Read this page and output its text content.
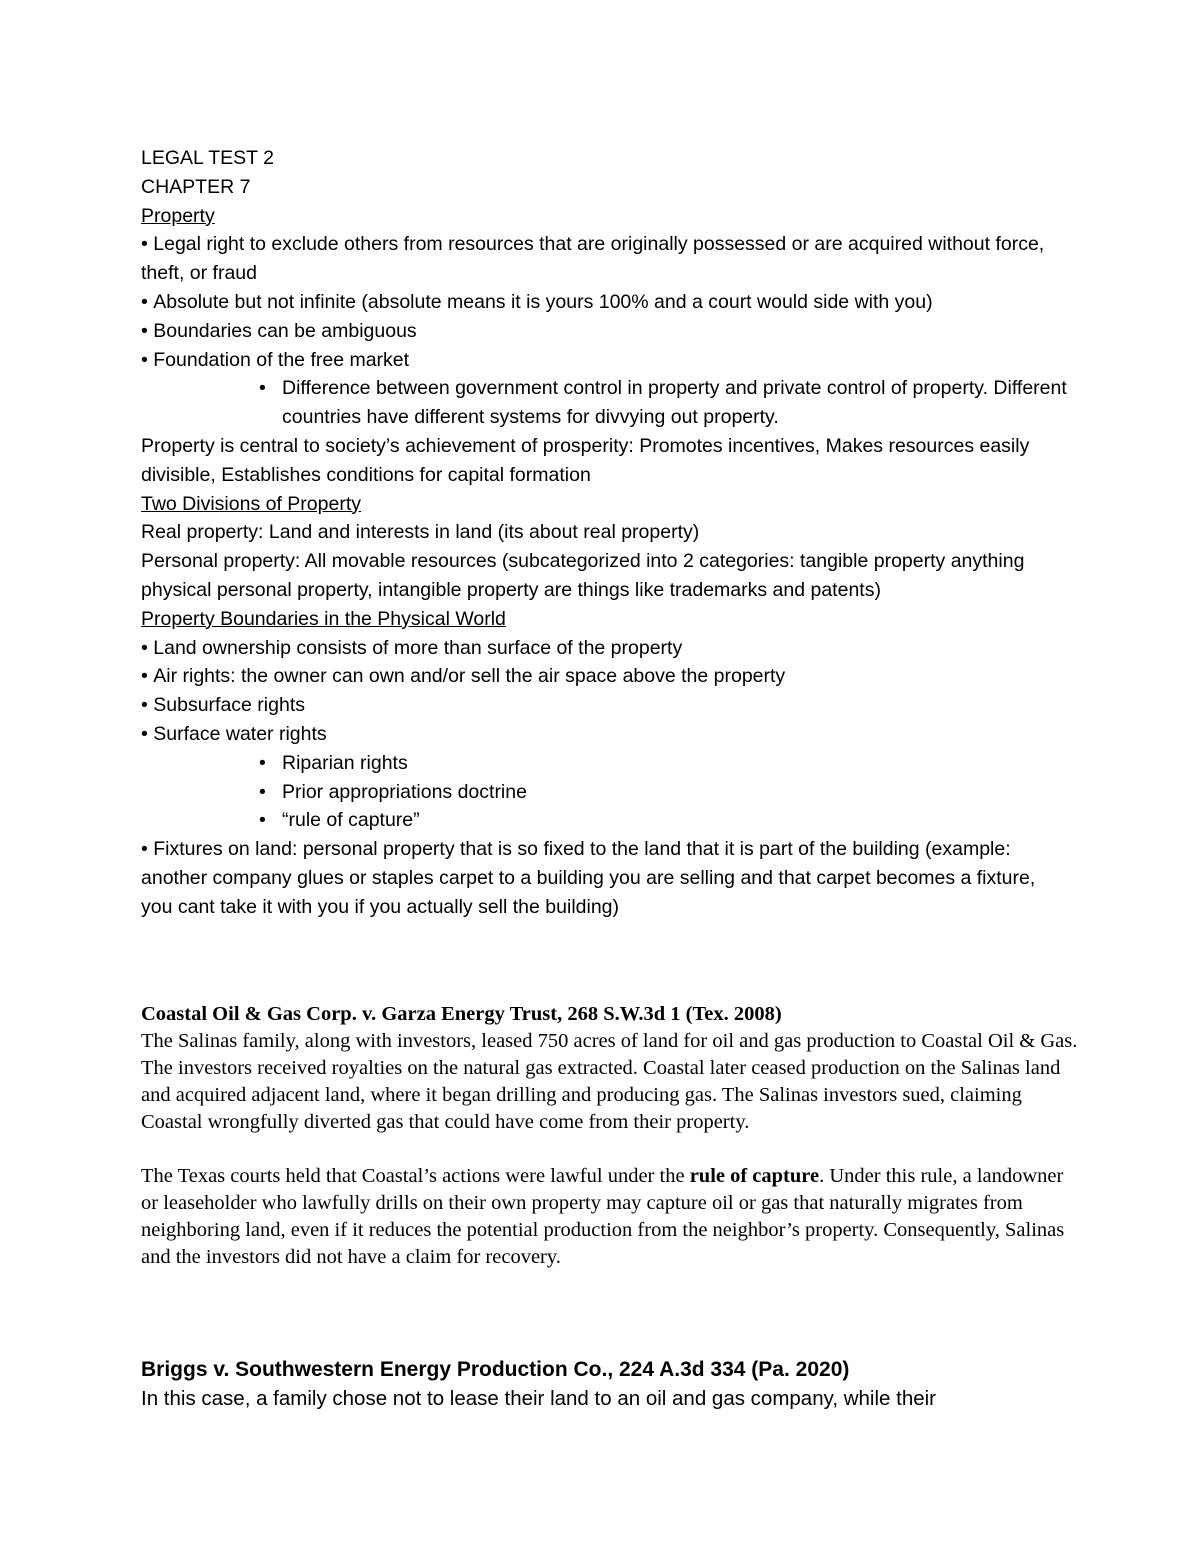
LEGAL TEST 2

CHAPTER 7

Property

• Legal right to exclude others from resources that are originally possessed or are acquired without force, theft, or fraud

• Absolute but not infinite (absolute means it is yours 100% and a court would side with you)

• Boundaries can be ambiguous

• Foundation of the free market

• Difference between government control in property and private control of property. Different countries have different systems for divvying out property.

Property is central to society’s achievement of prosperity: Promotes incentives, Makes resources easily divisible, Establishes conditions for capital formation

Two Divisions of Property

Real property: Land and interests in land (its about real property)

Personal property: All movable resources (subcategorized into 2 categories: tangible property anything physical personal property, intangible property are things like trademarks and patents)

Property Boundaries in the Physical World

• Land ownership consists of more than surface of the property

• Air rights: the owner can own and/or sell the air space above the property

• Subsurface rights

• Surface water rights

• Riparian rights

• Prior appropriations doctrine

• “rule of capture”

• Fixtures on land: personal property that is so fixed to the land that it is part of the building (example: another company glues or staples carpet to a building you are selling and that carpet becomes a fixture, you cant take it with you if you actually sell the building)

Coastal Oil & Gas Corp. v. Garza Energy Trust, 268 S.W.3d 1 (Tex. 2008)

The Salinas family, along with investors, leased 750 acres of land for oil and gas production to Coastal Oil & Gas. The investors received royalties on the natural gas extracted. Coastal later ceased production on the Salinas land and acquired adjacent land, where it began drilling and producing gas. The Salinas investors sued, claiming Coastal wrongfully diverted gas that could have come from their property.

The Texas courts held that Coastal’s actions were lawful under the rule of capture. Under this rule, a landowner or leaseholder who lawfully drills on their own property may capture oil or gas that naturally migrates from neighboring land, even if it reduces the potential production from the neighbor’s property. Consequently, Salinas and the investors did not have a claim for recovery.

Briggs v. Southwestern Energy Production Co., 224 A.3d 334 (Pa. 2020)

In this case, a family chose not to lease their land to an oil and gas company, while their
